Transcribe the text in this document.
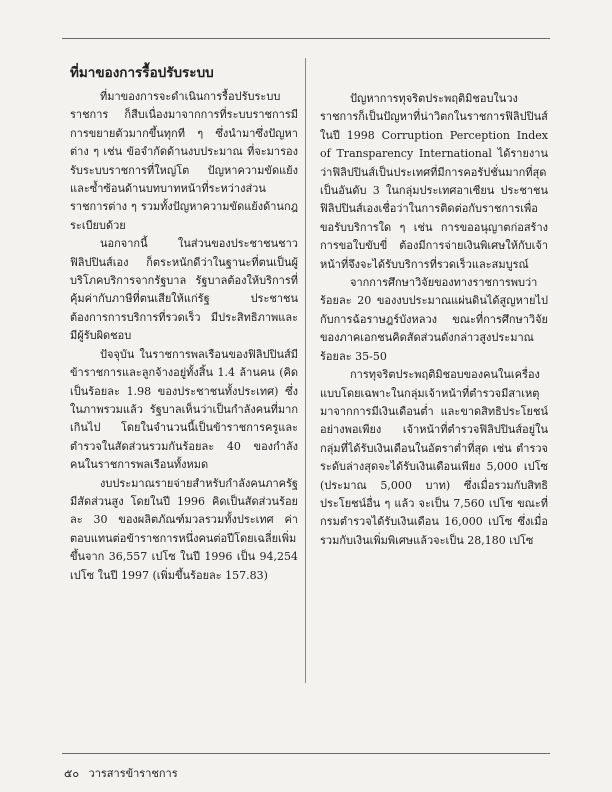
ที่มาของการรื้อปรับระบบ

ที่มาของการจะดำเนินการรื้อปรับระบบราชการ ก็สืบเนื่องมาจากการที่ระบบราชการมีการขยายตัวมากขึ้นทุกที ๆ ซึ่งนำมาซึ่งปัญหาต่าง ๆ เช่น ข้อจำกัดด้านงบประมาณ ที่จะมารองรับระบบราชการที่ใหญ่โต ปัญหาความขัดแย้งและซ้ำซ้อนด้านบทบาทหน้าที่ระหว่างส่วนราชการต่าง ๆ รวมทั้งปัญหาความขัดแย้งด้านกฎระเบียบด้วย

นอกจากนี้ ในส่วนของประชาชนชาวฟิลิปปินส์เอง ก็ตระหนักดีว่าในฐานะที่ตนเป็นผู้บริโภคบริการจากรัฐบาล รัฐบาลต้องให้บริการที่คุ้มค่ากับภาษีที่ตนเสียให้แก่รัฐ ประชาชนต้องการการบริการที่รวดเร็ว มีประสิทธิภาพและมีผู้รับผิดชอบ

ปัจจุบัน ในราชการพลเรือนของฟิลิปปินส์มีข้าราชการและลูกจ้างอยู่ทั้งสิ้น 1.4 ล้านคน (คิดเป็นร้อยละ 1.98 ของประชาชนทั้งประเทศ) ซึ่งในภาพรวมแล้ว รัฐบาลเห็นว่าเป็นกำลังคนที่มากเกินไป โดยในจำนวนนี้เป็นข้าราชการครูและตำรวจในสัดส่วนรวมกันร้อยละ 40 ของกำลังคนในราชการพลเรือนทั้งหมด

งบประมาณรายจ่ายสำหรับกำลังคนภาครัฐมีสัดส่วนสูง โดยในปี 1996 คิดเป็นสัดส่วนร้อยละ 30 ของผลิตภัณฑ์มวลรวมทั้งประเทศ ค่าตอบแทนต่อข้าราชการหนึ่งคนต่อปีโดยเฉลี่ยเพิ่มขึ้นจาก 36,557 เปโซ ในปี 1996 เป็น 94,254 เปโซ ในปี 1997 (เพิ่มขึ้นร้อยละ 157.83)

ปัญหาการทุจริตประพฤติมิชอบในวงราชการก็เป็นปัญหาที่น่าวิตกในราชการฟิลิปปินส์ ในปี 1998 Corruption Perception Index of Transparency International ได้รายงานว่าฟิลิปปินส์เป็นประเทศที่มีการคอรัปชั่นมากที่สุดเป็นอันดับ 3 ในกลุ่มประเทศอาเซียน ประชาชนฟิลิปปินส์เองเชื่อว่าในการติดต่อกับราชการเพื่อขอรับบริการใด ๆ เช่น การขออนุญาตก่อสร้าง การขอใบขับขี่ ต้องมีการจ่ายเงินพิเศษให้กับเจ้าหน้าที่จึงจะได้รับบริการที่รวดเร็วและสมบูรณ์

จากการศึกษาวิจัยของทางราชการพบว่าร้อยละ 20 ของงบประมาณแผ่นดินได้สูญหายไปกับการฉ้อราษฎร์บังหลวง ขณะที่การศึกษาวิจัยของภาคเอกชนคิดสัดส่วนดังกล่าวสูงประมาณร้อยละ 35-50

การทุจริตประพฤติมิชอบของคนในเครื่องแบบโดยเฉพาะในกลุ่มเจ้าหน้าที่ตำรวจมีสาเหตุมาจากการมีเงินเดือนต่ำ และขาดสิทธิประโยชน์อย่างพอเพียง เจ้าหน้าที่ตำรวจฟิลิปปินส์อยู่ในกลุ่มที่ได้รับเงินเดือนในอัตราต่ำที่สุด เช่น ตำรวจระดับล่างสุดจะได้รับเงินเดือนเพียง 5,000 เปโซ (ประมาณ 5,000 บาท) ซึ่งเมื่อรวมกับสิทธิประโยชน์อื่น ๆ แล้ว จะเป็น 7,560 เปโซ ขณะที่กรมตำรวจได้รับเงินเดือน 16,000 เปโซ ซึ่งเมื่อรวมกับเงินเพิ่มพิเศษแล้วจะเป็น 28,180 เปโซ

๕๐ วารสารข้าราชการ
